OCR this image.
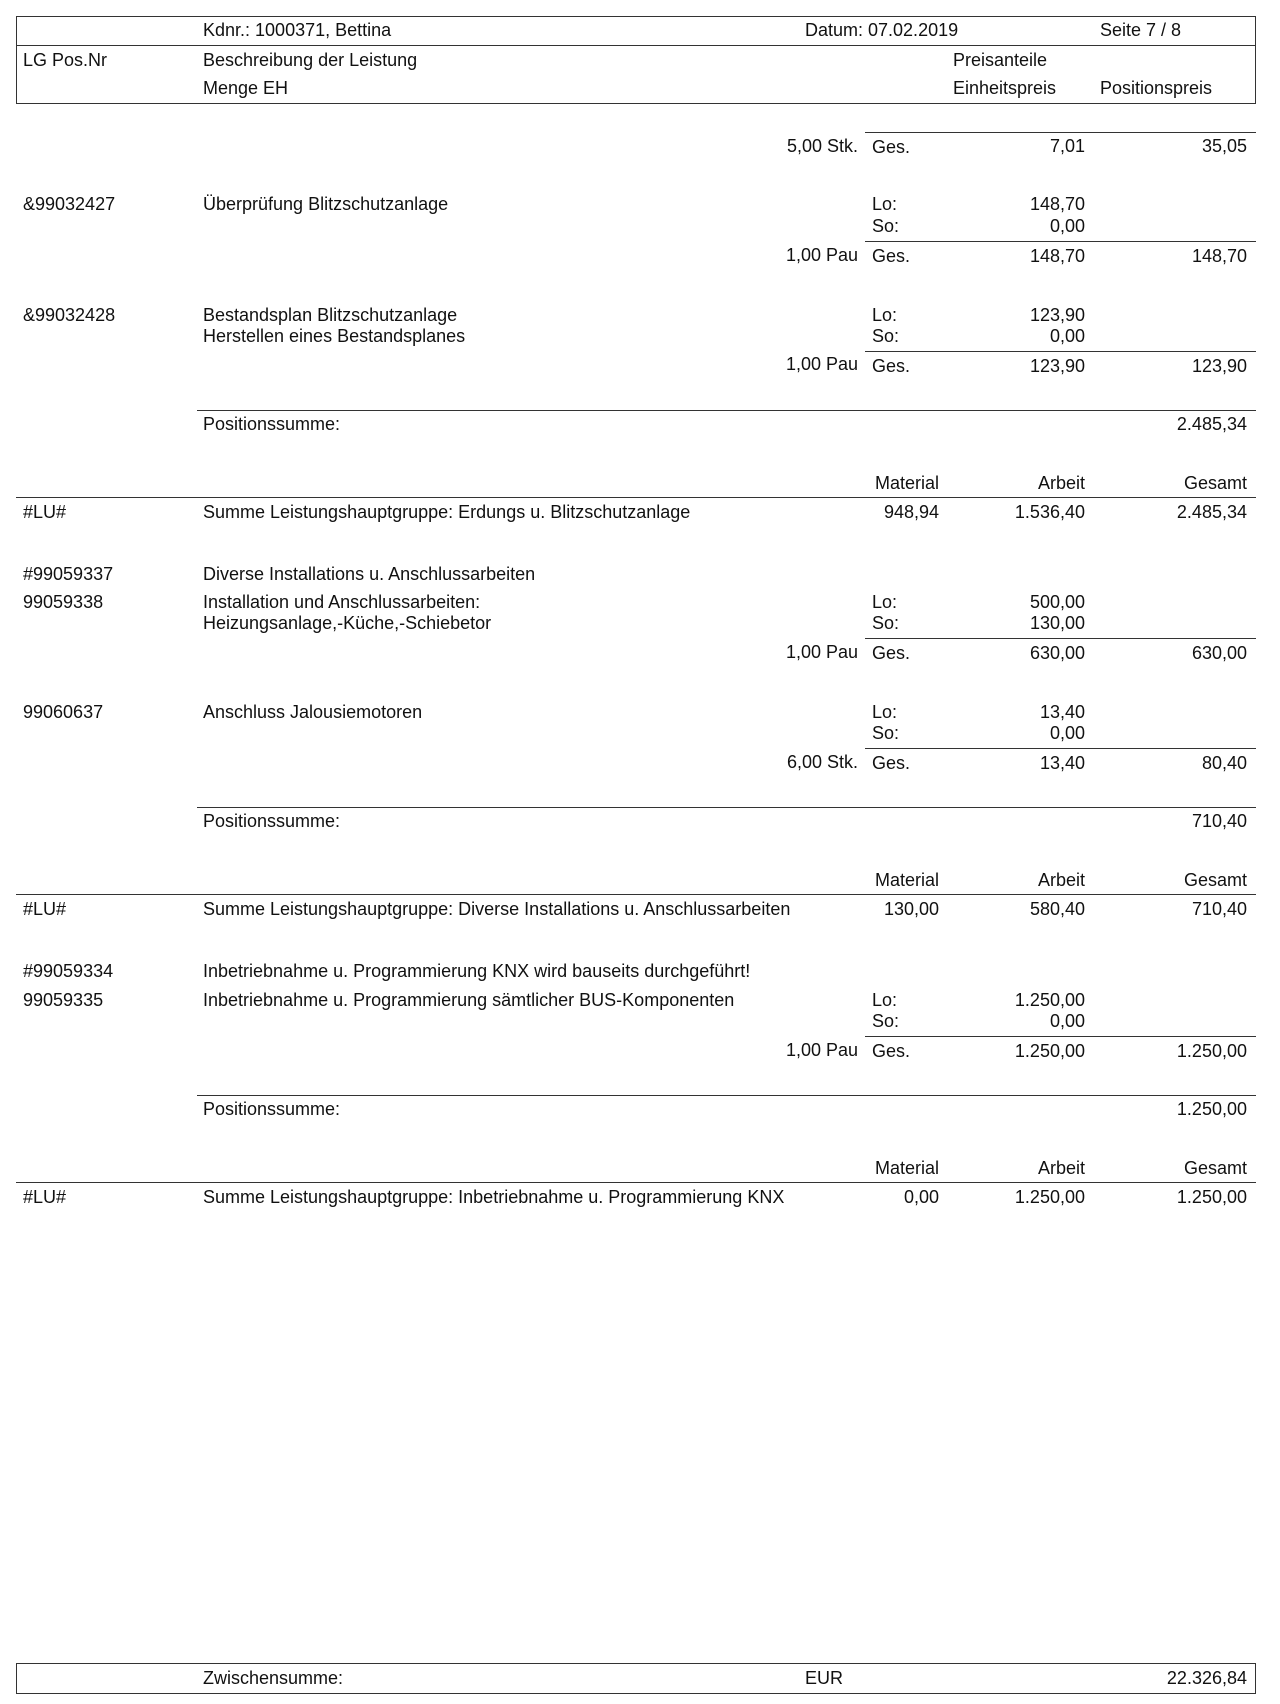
Kdnr.: 1000371, Bettina	Datum: 07.02.2019	Seite 7 / 8
LG Pos.Nr	Beschreibung der Leistung	Preisanteile
Menge EH	Einheitspreis Positionspreis
5,00 Stk. Ges.	7,01	35,05
&99032427	Überprüfung Blitzschutzanlage	Lo:	148,70
So:	0,00
1,00 Pau Ges.	148,70	148,70
&99032428	Bestandsplan Blitzschutzanlage
Herstellen eines Bestandsplanes
Lo:	123,90
So:	0,00
1,00 Pau Ges.	123,90	123,90
Positionssumme:	2.485,34
Material	Arbeit	Gesamt
#LU#	Summe Leistungshauptgruppe: Erdungs u. Blitzschutzanlage	948,94	1.536,40	2.485,34
#99059337	Diverse Installations u. Anschlussarbeiten
99059338	Installation und Anschlussarbeiten:
Heizungsanlage,-Küche,-Schiebetor
Lo:	500,00
So:	130,00
1,00 Pau Ges.	630,00	630,00
99060637	Anschluss Jalousiemotoren	Lo:	13,40
So:	0,00
6,00 Stk. Ges.	13,40	80,40
Positionssumme:	710,40
Material	Arbeit	Gesamt
#LU#	Summe Leistungshauptgruppe: Diverse Installations u. Anschlussarbeiten	130,00	580,40	710,40
#99059334	Inbetriebnahme u. Programmierung KNX wird bauseits durchgeführt!
99059335	Inbetriebnahme u. Programmierung sämtlicher BUS-Komponenten	Lo:	1.250,00
So:	0,00
1,00 Pau Ges.	1.250,00	1.250,00
Positionssumme:	1.250,00
Material	Arbeit	Gesamt
#LU#	Summe Leistungshauptgruppe: Inbetriebnahme u. Programmierung KNX	0,00	1.250,00	1.250,00
Zwischensumme:	EUR	22.326,84
